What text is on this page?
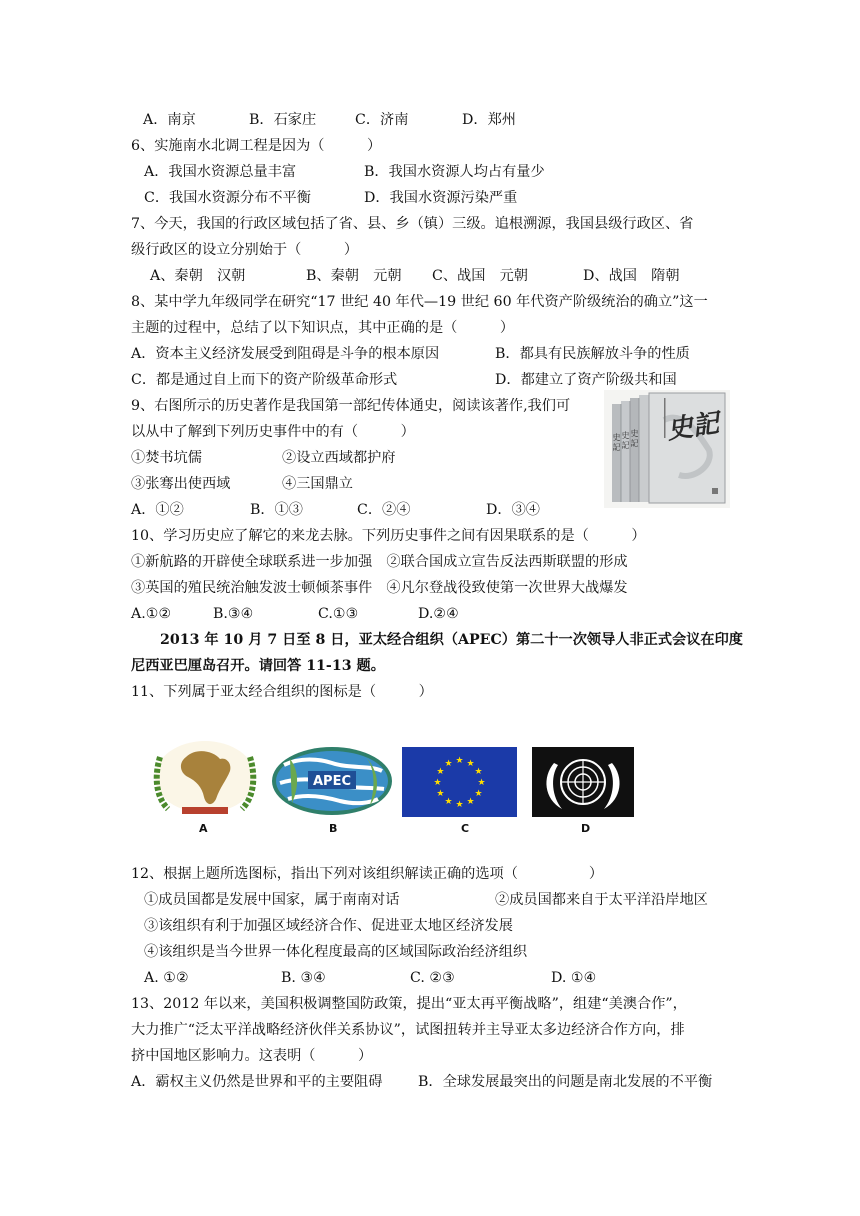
A．南京	B．石家庄	C．济南	D．郑州
6、实施南水北调工程是因为（　　　）
A．我国水资源总量丰富	B．我国水资源人均占有量少
C．我国水资源分布不平衡	D．我国水资源污染严重
7、今天，我国的行政区域包括了省、县、乡（镇）三级。追根溯源，我国县级行政区、省
级行政区的设立分别始于（　　　）
A、秦朝　汉朝	B、秦朝　元朝 C、战国　元朝	D、战国　隋朝
8、某中学九年级同学在研究“17 世纪 40 年代—19 世纪 60 年代资产阶级统治的确立”这一
主题的过程中，总结了以下知识点，其中正确的是（　　　）
A．资本主义经济发展受到阻碍是斗争的根本原因	B．都具有民族解放斗争的性质
C．都是通过自上而下的资产阶级革命形式	D．都建立了资产阶级共和国
9、右图所示的历史著作是我国第一部纪传体通史，阅读该著作,我们可
以从中了解到下列历史事件中的有（　　　）
①焚书坑儒	②设立西域都护府
③张骞出使西域	④三国鼎立
A．①②	B．①③	C．②④	D．③④
史
記
史
記
史
記 史記
10、学习历史应了解它的来龙去脉。下列历史事件之间有因果联系的是（　　　）
①新航路的开辟使全球联系进一步加强　②联合国成立宣告反法西斯联盟的形成
③英国的殖民统治触发波士顿倾茶事件　④凡尔登战役致使第一次世界大战爆发
A.①②	B.③④	C.①③	D.②④
2013 年 10 月 7 日至 8 日，亚太经合组织（APEC）第二十一次领导人非正式会议在印度
尼西亚巴厘岛召开。请回答 11-13 题。
11、下列属于亚太经合组织的图标是（　　　）
A
APEC
B
★ ★
★
★
★
★
★
★
★
★
★
★
C	D
12、根据上题所选图标，指出下列对该组织解读正确的选项（　　　　　）
①成员国都是发展中国家，属于南南对话	②成员国都来自于太平洋沿岸地区
③该组织有利于加强区域经济合作、促进亚太地区经济发展
④该组织是当今世界一体化程度最高的区域国际政治经济组织
A. ①②	B. ③④	C. ②③	D. ①④
13、2012 年以来，美国积极调整国防政策，提出“亚太再平衡战略”，组建“美澳合作”，
大力推广“泛太平洋战略经济伙伴关系协议”，试图扭转并主导亚太多边经济合作方向，排
挤中国地区影响力。这表明（　　　）
A．霸权主义仍然是世界和平的主要阻碍	B．全球发展最突出的问题是南北发展的不平衡
